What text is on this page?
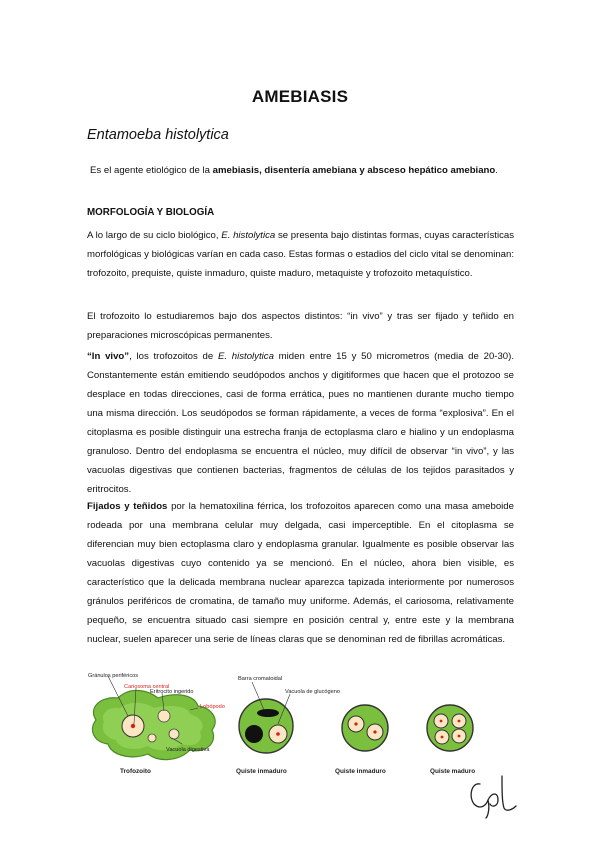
AMEBIASIS
Entamoeba histolytica
Es el agente etiológico de la amebiasis, disentería amebiana y absceso hepático amebiano.
MORFOLOGÍA Y BIOLOGÍA
A lo largo de su ciclo biológico, E. histolytica se presenta bajo distintas formas, cuyas características morfológicas y biológicas varían en cada caso. Estas formas o estadios del ciclo vital se denominan: trofozoito, prequiste, quiste inmaduro, quiste maduro, metaquiste y trofozoito metaquístico.
El trofozoito lo estudiaremos bajo dos aspectos distintos: “in vivo” y tras ser fijado y teñido en preparaciones microscópicas permanentes.
“In vivo”, los trofozoitos de E. histolytica miden entre 15 y 50 micrometros (media de 20-30). Constantemente están emitiendo seudópodos anchos y digitiformes que hacen que el protozoo se desplace en todas direcciones, casi de forma errática, pues no mantienen durante mucho tiempo una misma dirección. Los seudópodos se forman rápidamente, a veces de forma “explosiva”. En el citoplasma es posible distinguir una estrecha franja de ectoplasma claro e hialino y un endoplasma granuloso. Dentro del endoplasma se encuentra el núcleo, muy difícil de observar “in vivo”, y las vacuolas digestivas que contienen bacterias, fragmentos de células de los tejidos parasitados y eritrocitos.
Fijados y teñidos por la hematoxilina férrica, los trofozoitos aparecen como una masa ameboide rodeada por una membrana celular muy delgada, casi imperceptible. En el citoplasma se diferencian muy bien ectoplasma claro y endoplasma granular. Igualmente es posible observar las vacuolas digestivas cuyo contenido ya se mencionó. En el núcleo, ahora bien visible, es característico que la delicada membrana nuclear aparezca tapizada interiormente por numerosos gránulos periféricos de cromatina, de tamaño muy uniforme. Además, el cariosoma, relativamente pequeño, se encuentra situado casi siempre en posición central y, entre este y la membrana nuclear, suelen aparecer una serie de líneas claras que se denominan red de fibrillas acromáticas.
Gránulos periféricos
Cariosoma central
Eritrocito ingerido
Lobópodo
Vacuola digestiva
Trofozoito
Barra cromatoidal
Vacuola de glucógeno
Quiste inmaduro	Quiste inmaduro	Quiste maduro
